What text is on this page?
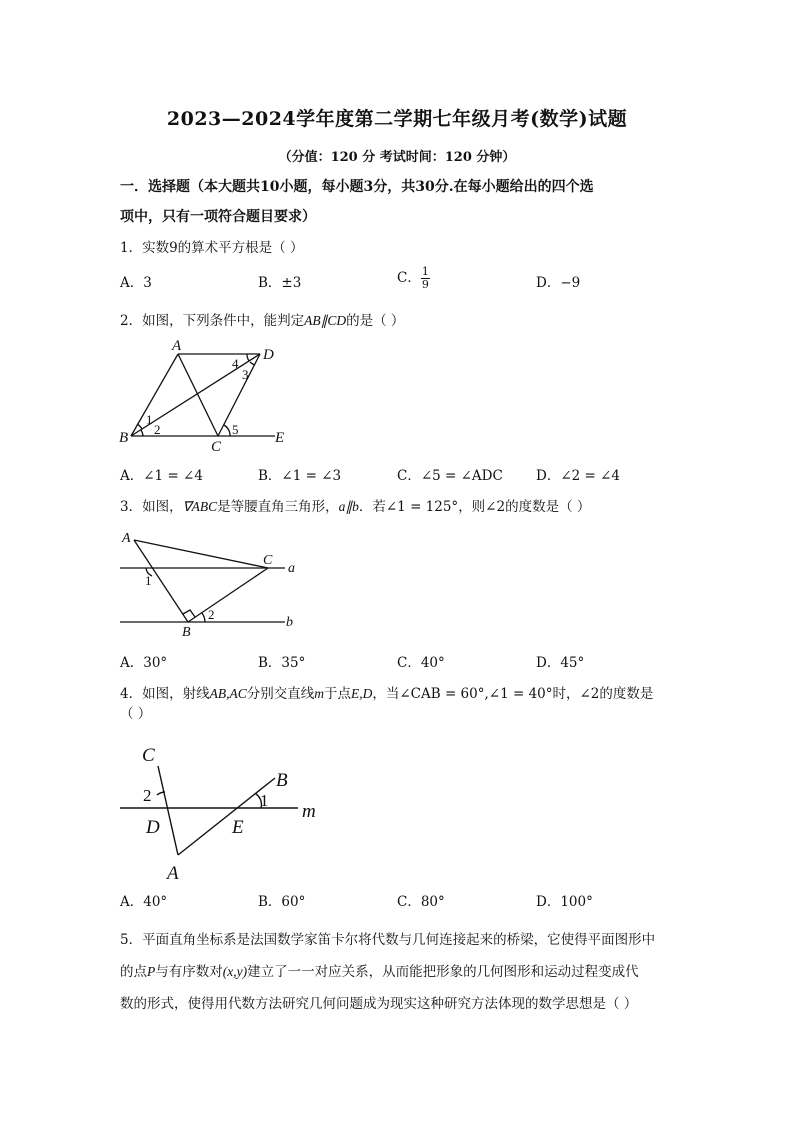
2023—2024学年度第二学期七年级月考(数学)试题
（分值：120 分 考试时间：120 分钟）
一．选择题（本大题共10小题，每小题3分，共30分.在每小题给出的四个选
项中，只有一项符合题目要求）
1．实数9的算术平方根是（ ）
A．3	B．±3	C． $\frac{1}{9}$	D．−9
2．如图，下列条件中，能判定AB∥CD的是（ ）
A
D
B
C
E
1
2
3
4
5
A．∠1 = ∠4	B．∠1 = ∠3	C．∠5 = ∠ADC D．∠2 = ∠4
3．如图，∇ABC是等腰直角三角形，a∥b．若∠1 = 125°，则∠2的度数是（ ）
A
C
B
a
b
1
2
A．30°	B．35°	C．40°	D．45°
4．如图，射线AB,AC分别交直线m于点E,D，当∠CAB = 60°,∠1 = 40°时，∠2的度数是
（ ）
C
B
D	E
A
m
2	1
A．40°	B．60°	C．80°	D．100°
5．平面直角坐标系是法国数学家笛卡尔将代数与几何连接起来的桥梁，它使得平面图形中
的点P与有序数对(x,y)建立了一一对应关系，从而能把形象的几何图形和运动过程变成代
数的形式，使得用代数方法研究几何问题成为现实这种研究方法体现的数学思想是（ ）
